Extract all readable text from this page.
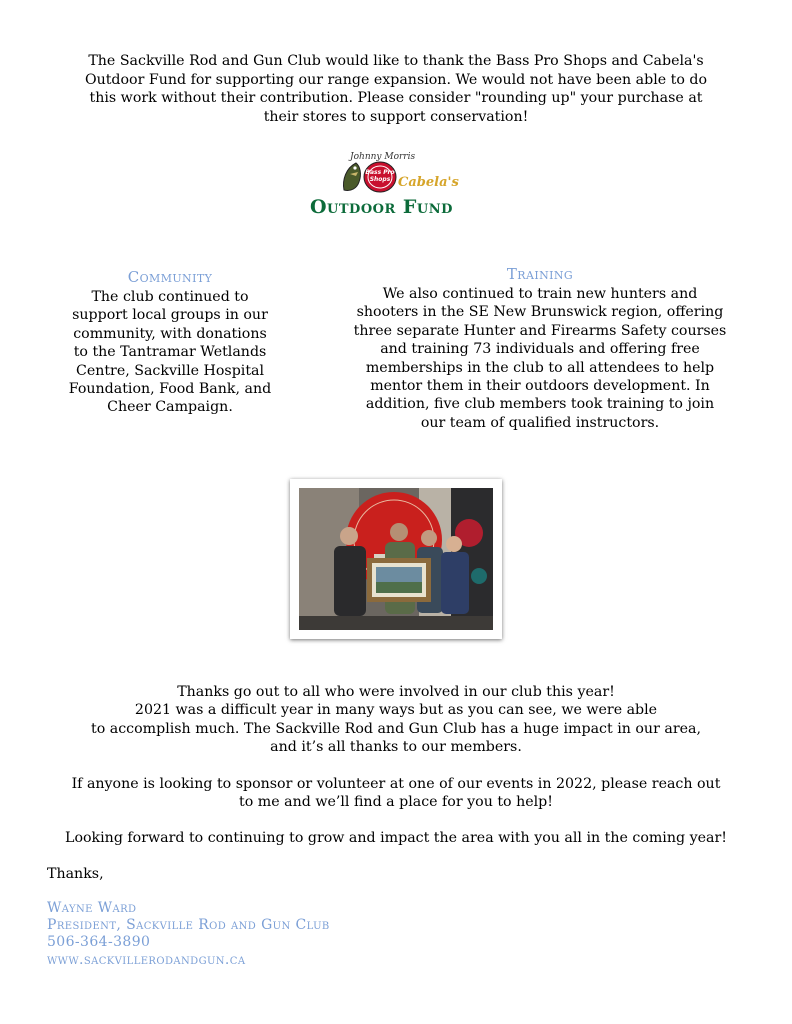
The Sackville Rod and Gun Club would like to thank the Bass Pro Shops and Cabela's
Outdoor Fund for supporting our range expansion. We would not have been able to do
this work without their contribution. Please consider "rounding up" your purchase at
their stores to support conservation!
Johnny Morris
Bass Pro Shops Cabela's
Outdoor Fund
Community
The club continued to
support local groups in our
community, with donations
to the Tantramar Wetlands
Centre, Sackville Hospital
Foundation, Food Bank, and
Cheer Campaign.
Training
We also continued to train new hunters and
shooters in the SE New Brunswick region, offering
three separate Hunter and Firearms Safety courses
and training 73 individuals and offering free
memberships in the club to all attendees to help
mentor them in their outdoors development. In
addition, five club members took training to join
our team of qualified instructors.
Thanks go out to all who were involved in our club this year!
2021 was a difficult year in many ways but as you can see, we were able
to accomplish much. The Sackville Rod and Gun Club has a huge impact in our area,
and it’s all thanks to our members.
If anyone is looking to sponsor or volunteer at one of our events in 2022, please reach out
to me and we’ll find a place for you to help!
Looking forward to continuing to grow and impact the area with you all in the coming year!
Thanks,
Wayne Ward
President, Sackville Rod and Gun Club
506-364-3890
www.sackvillerodandgun.ca
